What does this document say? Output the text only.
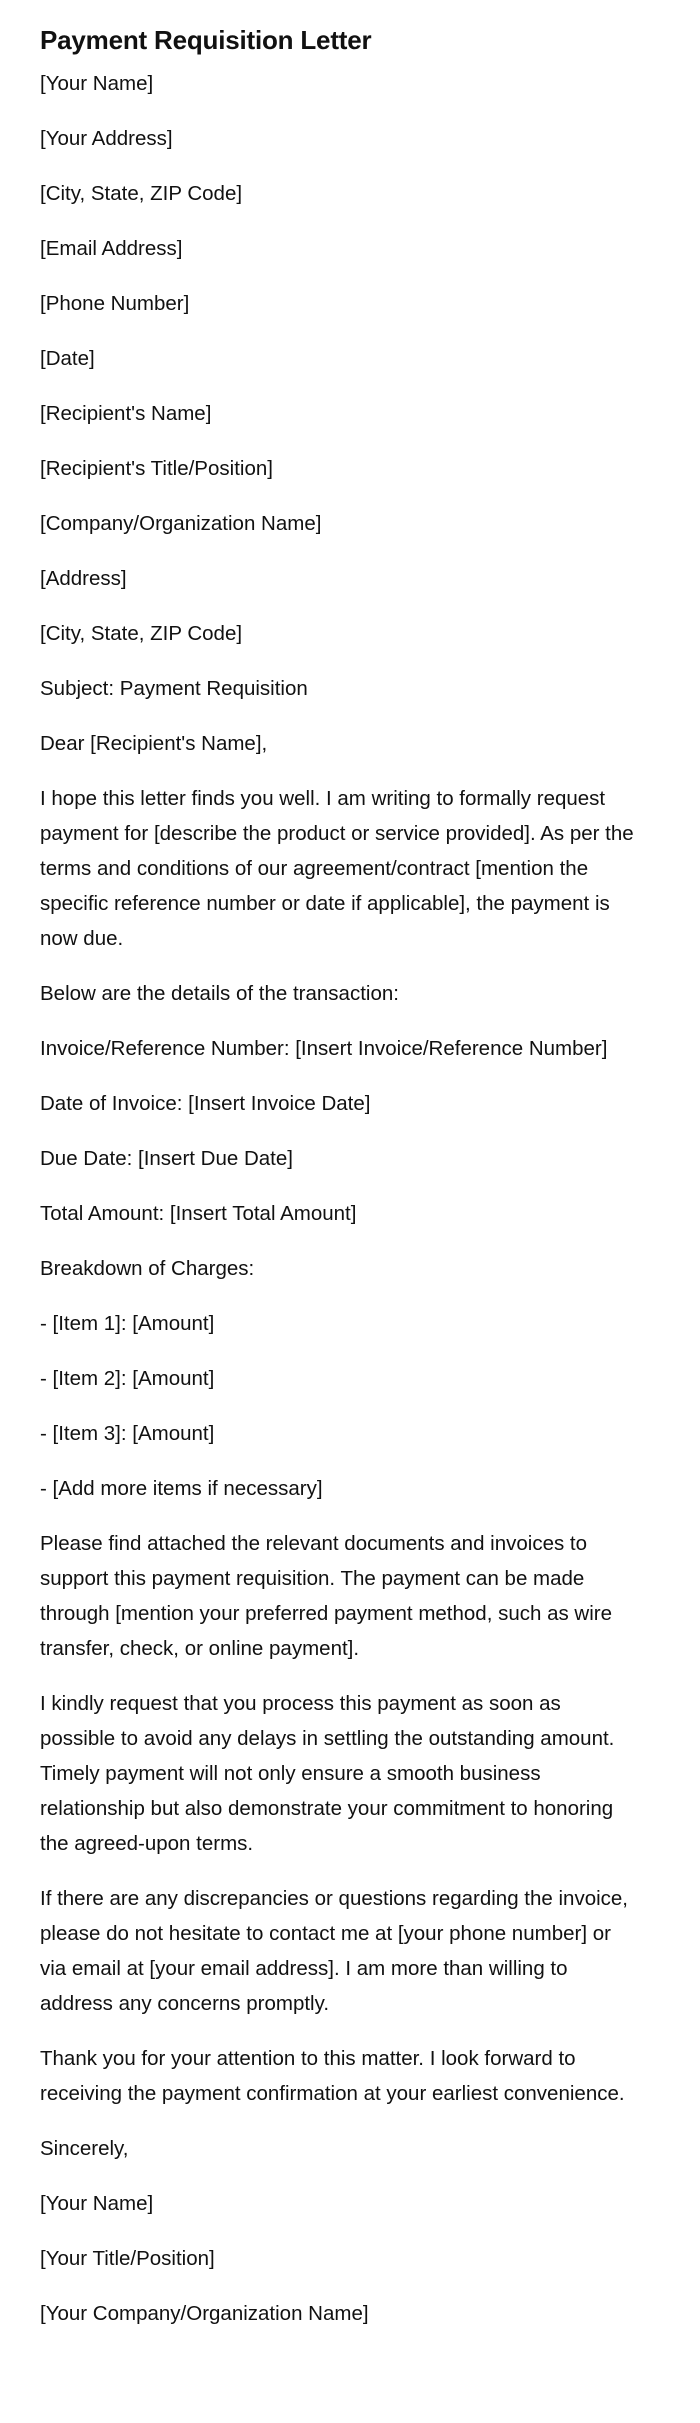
Payment Requisition Letter

[Your Name]

[Your Address]

[City, State, ZIP Code]

[Email Address]

[Phone Number]

[Date]

[Recipient's Name]

[Recipient's Title/Position]

[Company/Organization Name]

[Address]

[City, State, ZIP Code]

Subject: Payment Requisition

Dear [Recipient's Name],

I hope this letter finds you well. I am writing to formally request payment for [describe the product or service provided]. As per the terms and conditions of our agreement/contract [mention the specific reference number or date if applicable], the payment is now due.

Below are the details of the transaction:

Invoice/Reference Number: [Insert Invoice/Reference Number]

Date of Invoice: [Insert Invoice Date]

Due Date: [Insert Due Date]

Total Amount: [Insert Total Amount]

Breakdown of Charges:

- [Item 1]: [Amount]

- [Item 2]: [Amount]

- [Item 3]: [Amount]

- [Add more items if necessary]

Please find attached the relevant documents and invoices to support this payment requisition. The payment can be made through [mention your preferred payment method, such as wire transfer, check, or online payment].

I kindly request that you process this payment as soon as possible to avoid any delays in settling the outstanding amount. Timely payment will not only ensure a smooth business relationship but also demonstrate your commitment to honoring the agreed-upon terms.

If there are any discrepancies or questions regarding the invoice, please do not hesitate to contact me at [your phone number] or via email at [your email address]. I am more than willing to address any concerns promptly.

Thank you for your attention to this matter. I look forward to receiving the payment confirmation at your earliest convenience.

Sincerely,

[Your Name]

[Your Title/Position]

[Your Company/Organization Name]
